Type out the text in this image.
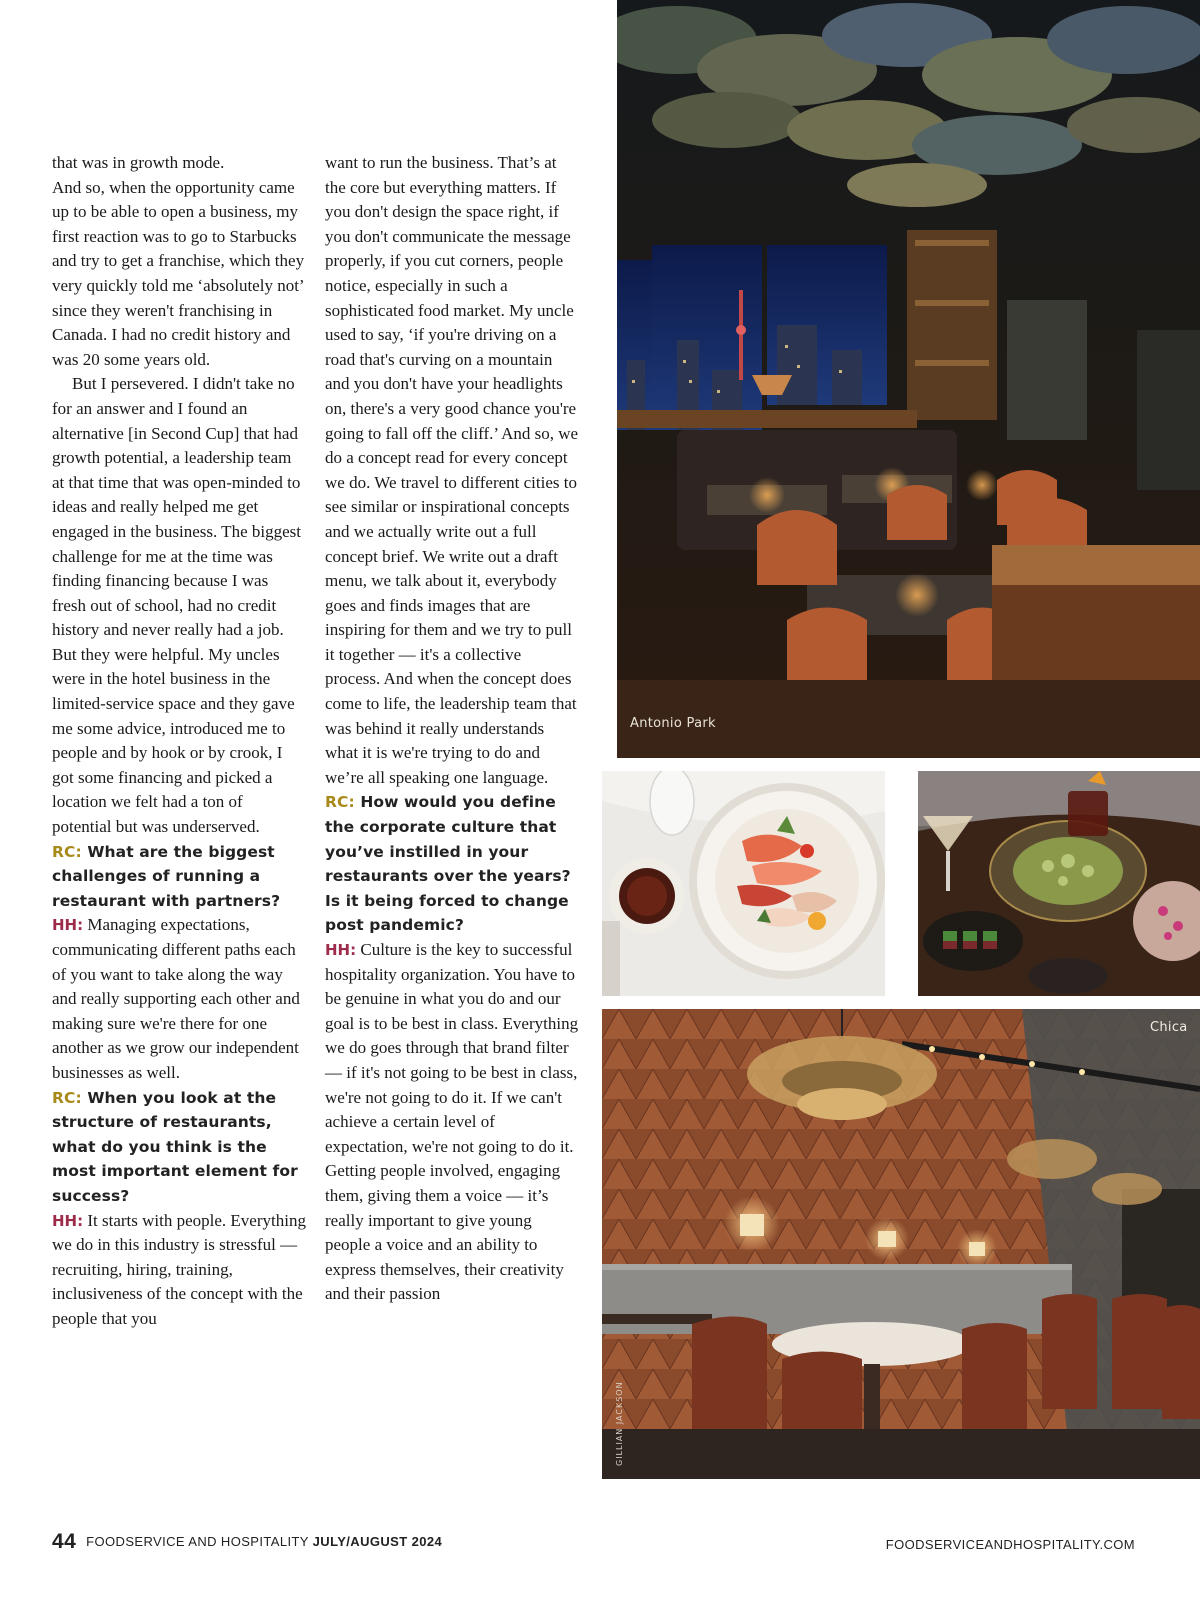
that was in growth mode.

And so, when the opportunity came up to be able to open a business, my first reaction was to go to Starbucks and try to get a franchise, which they very quickly told me ‘absolutely not’ since they weren't franchising in Canada. I had no credit history and was 20 some years old.

But I persevered. I didn't take no for an answer and I found an alternative [in Second Cup] that had growth potential, a leadership team at that time that was open-minded to ideas and really helped me get engaged in the business. The biggest challenge for me at the time was finding financing because I was fresh out of school, had no credit history and never really had a job. But they were helpful. My uncles were in the hotel business in the limited-service space and they gave me some advice, introduced me to people and by hook or by crook, I got some financing and picked a location we felt had a ton of potential but was underserved.

RC: What are the biggest challenges of running a restaurant with partners?

HH: Managing expectations, communicating different paths each of you want to take along the way and really supporting each other and making sure we're there for one another as we grow our independent businesses as well.

RC: When you look at the structure of restaurants, what do you think is the most important element for success?

HH: It starts with people. Everything we do in this industry is stressful — recruiting, hiring, training, inclusiveness of the concept with the people that you

want to run the business. That’s at the core but everything matters. If you don't design the space right, if you don't communicate the message properly, if you cut corners, people notice, especially in such a sophisticated food market. My uncle used to say, ‘if you're driving on a road that's curving on a mountain and you don't have your headlights on, there's a very good chance you're going to fall off the cliff.’ And so, we do a concept read for every concept we do. We travel to different cities to see similar or inspirational concepts and we actually write out a full concept brief. We write out a draft menu, we talk about it, everybody goes and finds images that are inspiring for them and we try to pull it together — it's a collective process. And when the concept does come to life, the leadership team that was behind it really understands what it is we're trying to do and we’re all speaking one language.

RC: How would you define the corporate culture that you’ve instilled in your restaurants over the years? Is it being forced to change post pandemic?

HH: Culture is the key to successful hospitality organization. You have to be genuine in what you do and our goal is to be best in class. Everything we do goes through that brand filter — if it's not going to be best in class, we're not going to do it. If we can't achieve a certain level of expectation, we're not going to do it. Getting people involved, engaging them, giving them a voice — it’s really important to give young people a voice and an ability to express themselves, their creativity and their passion

Antonio Park
Chica
GILLIAN JACKSON
44 FOODSERVICE AND HOSPITALITY JULY/AUGUST 2024	FOODSERVICEANDHOSPITALITY.COM
